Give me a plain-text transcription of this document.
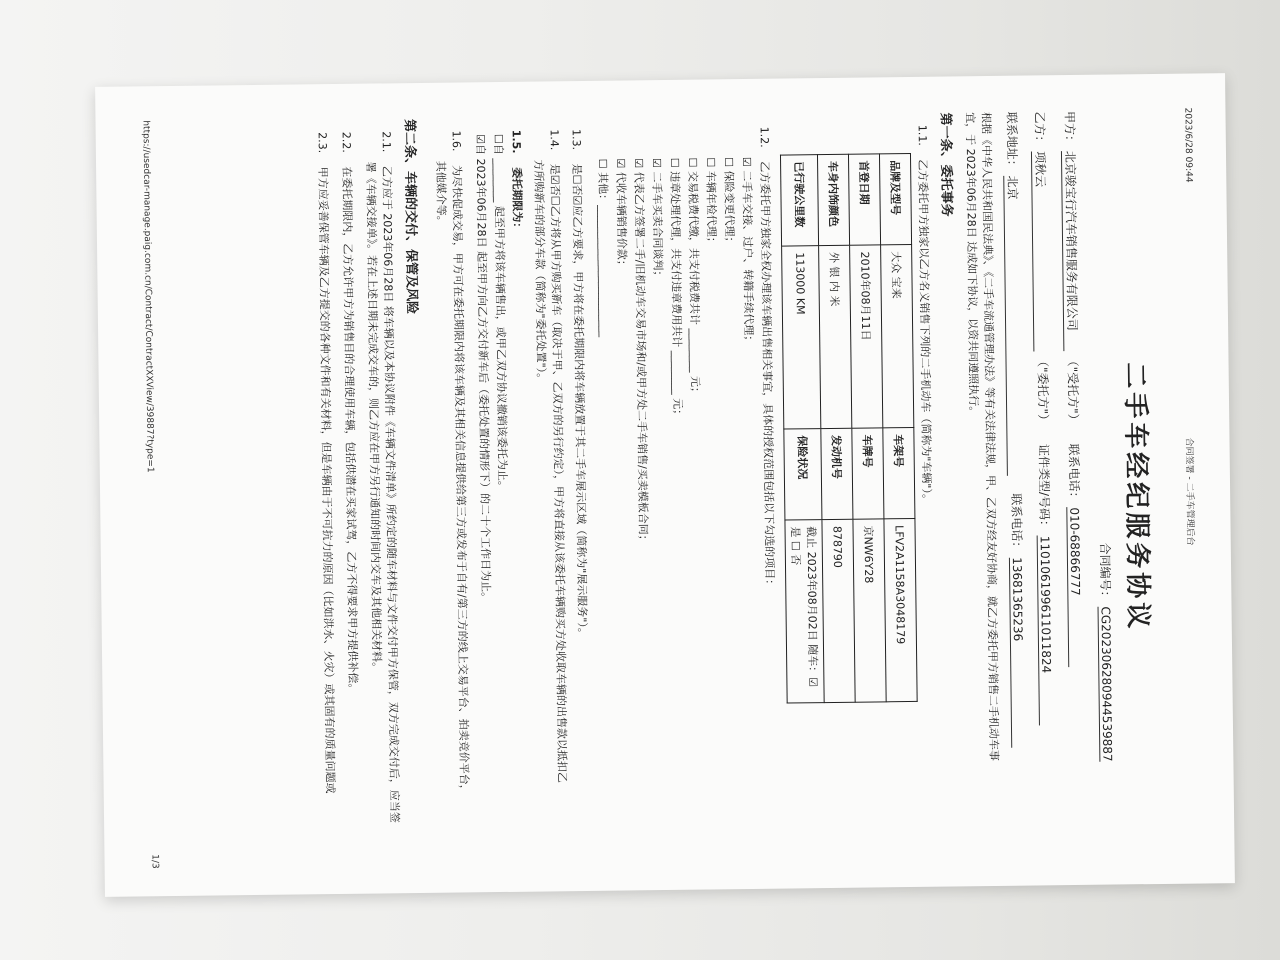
2023/6/28 09:44
合同签署 - 二手车管理后台
二手车经纪服务协议
合同编号： CG202306280944539887
甲方： 北京骏宝行汽车销售服务有限公司 （"受托方"） 联系电话： 010-68866777
乙方： 项秋云 （"委托方"） 证件类型/号码： 110106199611011824
联系地址： 北京 联系电话： 13681365236
根据《中华人民共和国民法典》、《二手车流通管理办法》等有关法律法规，甲、乙双方经友好协商，就乙方委托甲方销售二手机动车事
宜，于 2023年06月28日 达成如下协议，以资共同遵照执行。
第一条、委托事务
1.1. 乙方委托甲方独家以乙方名义销售下列的二手机动车（简称为"车辆"）。
品牌及型号	大众 宝来	车架号	LFV2A1158A3048179
首登日期	2010年08月11日	车牌号	京NW6Y28
车身内饰颜色	外 银 内 米	发动机号	878790
已行驶公里数	113000 KM	保险状况	截止 2023年08月02日 随车：☑ 是 ☐ 否
1.2. 乙方委托甲方独家全权办理该车辆出售相关事宜，具体的授权范围包括以下勾选的项目：
☑ 二手车交接、过户、转籍手续代理；
☐ 保险变更代理；
☐ 车辆年检代理；
☐ 交易税费代缴，共支付税费共计 ________ 元；
☐ 违章处理代理，共支付违章费用共计 ________ 元；
☑ 二手车买卖合同谈判；
☑ 代表乙方签署二手/旧机动车交易市场和/或甲方处二手车销售/买卖模板合同；
☑ 代收车辆销售价款；
☐ 其他：________________________
1.3. 是☐否☑应乙方要求，甲方将在委托期限内将车辆放置于其二手车展示区域（简称为"展示服务"）。
1.4. 是☑否☐乙方将从甲方购买新车（取决于甲、乙双方的另行约定），甲方将直接从该委托车辆购买方处收取车辆的出售款以抵扣乙
方所购新车的部分车款（简称为"委托处置"）。
1.5. 委托期限为：
☐自 ________ 起至甲方将该车辆售出，或甲乙双方协议撤销该委托为止。
☑自 2023年06月28日 起至甲方向乙方交付新车后（委托处置的情形下）的二十个工作日为止。
1.6. 为尽快促成交易，甲方可在委托期限内将该车辆及其相关信息提供给第三方或发布于自有/第三方的线上交易平台、拍卖竞价平台，
其他媒介等。
第二条、车辆的交付、保管及风险
2.1. 乙方应于 2023年06月28日 将车辆以及本协议附件《车辆文件清单》所约定的随车材料与文件交付甲方保管，双方完成交付后，应当签
署《车辆交接单》。若在上述日期未完成交车的，则乙方应在甲方另行通知的时间内交车及其他相关材料。
2.2. 在委托期限内，乙方允许甲方为销售目的合理使用车辆，包括供潜在买家试驾，乙方不得要求甲方提供补偿。
2.3. 甲方应妥善保管车辆及乙方提交的各种文件和有关材料，但是车辆由于不可抗力的原因（比如洪水、火灾）或其固有的质量问题或
https://usedcar-manage.paig.com.cn/Contract/ContractXXView/39887?type=1
1/3
